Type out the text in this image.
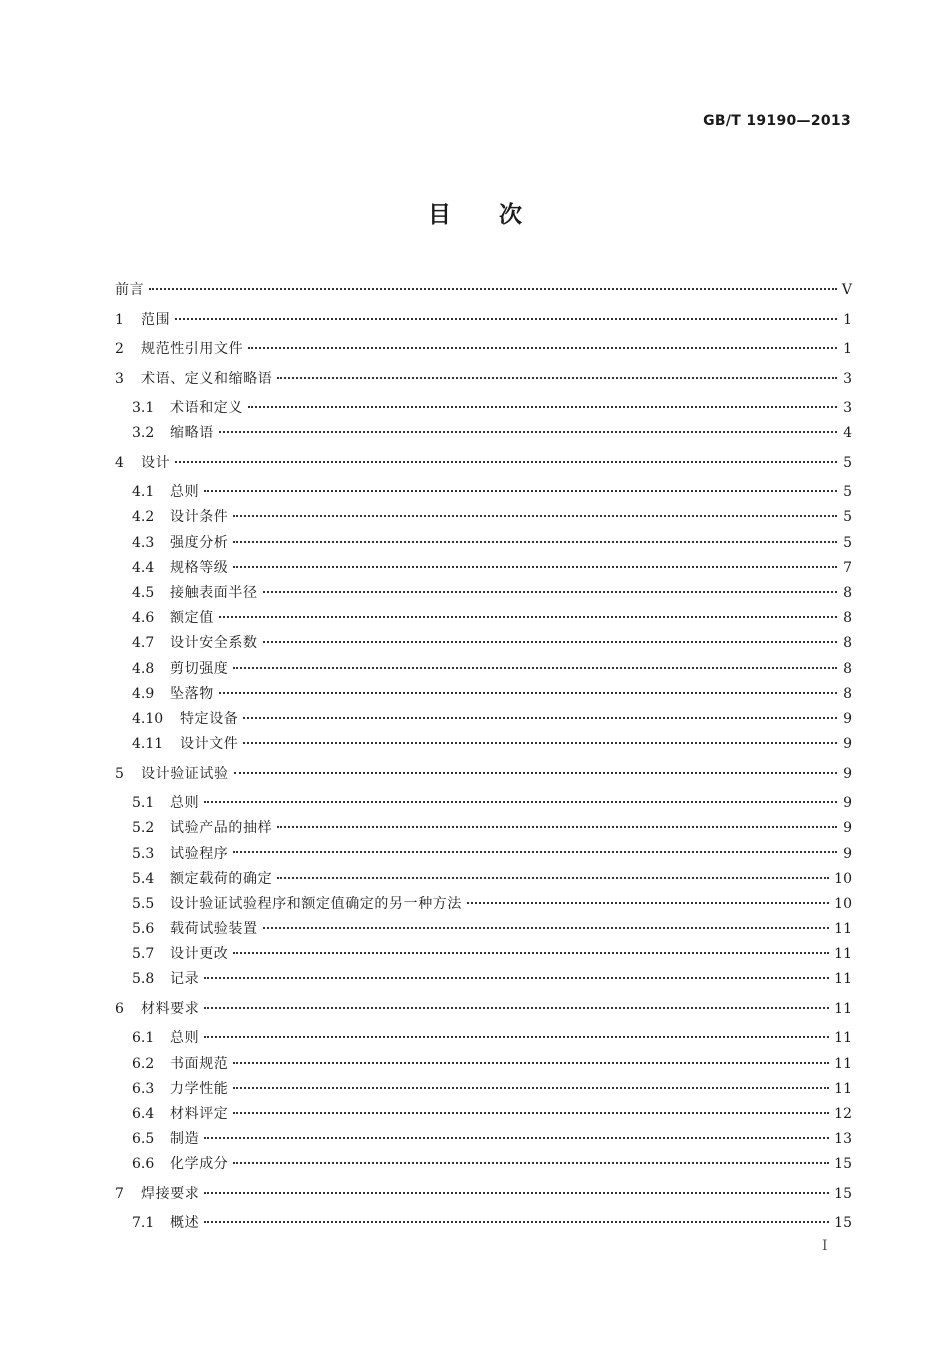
GB/T 19190—2013
目次
前言	V
1	范围	1
2	规范性引用文件	1
3	术语、定义和缩略语	3
3.1	术语和定义	3
3.2	缩略语	4
4	设计	5
4.1	总则	5
4.2	设计条件	5
4.3	强度分析	5
4.4	规格等级	7
4.5	接触表面半径	8
4.6	额定值	8
4.7	设计安全系数	8
4.8	剪切强度	8
4.9	坠落物	8
4.10	特定设备	9
4.11	设计文件	9
5	设计验证试验	9
5.1	总则	9
5.2	试验产品的抽样	9
5.3	试验程序	9
5.4	额定载荷的确定	10
5.5	设计验证试验程序和额定值确定的另一种方法	10
5.6	载荷试验装置	11
5.7	设计更改	11
5.8	记录	11
6	材料要求	11
6.1	总则	11
6.2	书面规范	11
6.3	力学性能	11
6.4	材料评定	12
6.5	制造	13
6.6	化学成分	15
7	焊接要求	15
7.1	概述	15
I
